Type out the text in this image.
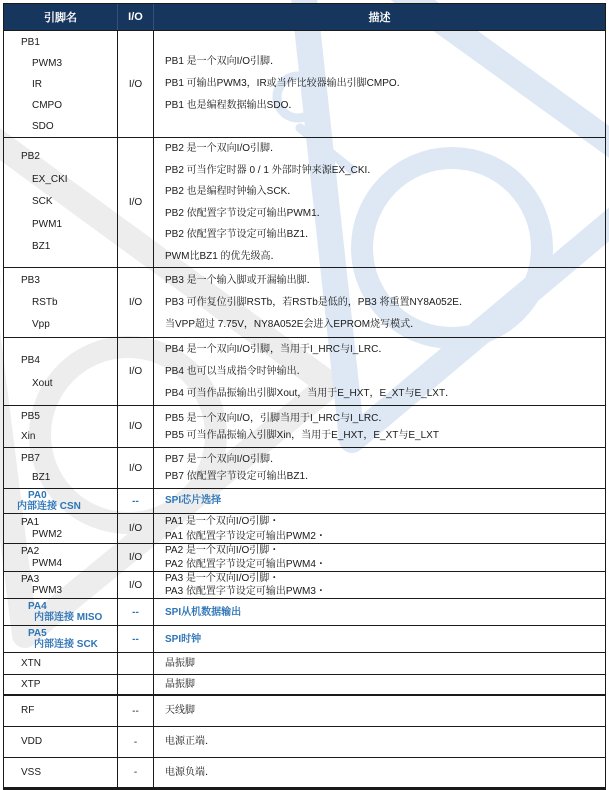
引脚名	I/O	描述
PB1
PWM3
IR
CMPO
SDO
I/O
PB1 是一个双向I/O引脚．
PB1 可输出PWM3，IR或当作比较器输出引脚CMPO．
PB1 也是编程数据输出SDO．
PB2
EX_CKI
SCK
PWM1
BZ1
I/O
PB2 是一个双向I/O引脚．
PB2 可当作定时器 0 / 1 外部时钟来源EX_CKI．
PB2 也是编程时钟输入SCK．
PB2 依配置字节设定可输出PWM1．
PB2 依配置字节设定可输出BZ1．
PWM比BZ1 的优先级高．
PB3
RSTb
Vpp
I/O
PB3 是一个输入脚或开漏输出脚．
PB3 可作复位引脚RSTb，若RSTb是低的，PB3 将重置NY8A052E．
当VPP超过 7.75V，NY8A052E会进入EPROM烧写模式．
PB4
Xout
I/O
PB4 是一个双向I/O引脚，当用于I_HRC与I_LRC．
PB4 也可以当成指令时钟输出．
PB4 可当作晶振输出引脚Xout，当用于E_HXT，E_XT与E_LXT．
PB5
Xin
I/O
PB5 是一个双向I/O，引脚当用于I_HRC与I_LRC．
PB5 可当作晶振输入引脚Xin，当用于E_HXT，E_XT与E_LXT
PB7
BZ1
I/O
PB7 是一个双向I/O引脚．
PB7 依配置字节设定可输出BZ1．
PA0
内部连接 CSN	--	SPI芯片选择
PA1
PWM2	I/O
PA1 是一个双向I/O引脚・
PA1 依配置字节设定可输出PWM2・
PA2
PWM4	I/O
PA2 是一个双向I/O引脚・
PA2 依配置字节设定可输出PWM4・
PA3
PWM3	I/O
PA3 是一个双向I/O引脚・
PA3 依配置字节设定可输出PWM3・
PA4
内部连接 MISO	--	SPI从机数据输出
PA5
内部连接 SCK	--	SPI时钟
XTN	晶振脚
XTP	晶振脚
RF	--	天线脚
VDD	-	电源正端．
VSS	-	电源负端．
